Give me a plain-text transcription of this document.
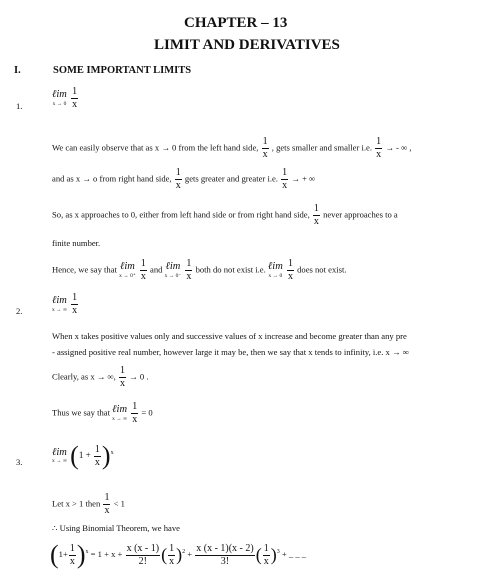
CHAPTER – 13
LIMIT AND DERIVATIVES
I.	SOME IMPORTANT LIMITS
1.
ℓim
x → 0
$\frac{1}{x}$
We can easily observe that as x → 0 from the left hand side, $\frac{1}{x}$ , gets smaller and smaller i.e. $\frac{1}{x}$ → - ∞ ,
and as x → o from right hand side, $\frac{1}{x}$ gets greater and greater i.e. $\frac{1}{x}$ → + ∞
So, as x approaches to 0, either from left hand side or from right hand side, $\frac{1}{x}$ never approaches to a
finite number.
Hence, we say that ℓim
x → 0⁺
$\frac{1}{x}$ and ℓim
x → 0⁻
$\frac{1}{x}$ both do not exist i.e. ℓim
x → 0
$\frac{1}{x}$ does not exist.
2.
ℓim
x → ∞
$\frac{1}{x}$
When x takes positive values only and successive values of x increase and become greater than any pre
- assigned positive real number, however large it may be, then we say that x tends to infinity, i.e. x → ∞
Clearly, as x → ∞, $\frac{1}{x} \to 0$ .
Thus we say that ℓim
x → ∞
$\frac{1}{x} = 0$
3.
ℓim
x → ∞ $(1 + \frac{1}{x} )^x$
Let x > 1 then $\frac{1}{x} < 1$
∴ Using Binomial Theorem, we have
$(1+ \frac{1}{x} )^x = 1 + x + \frac{x (x - 1)}{2!}$ ( $\frac{1}{x} )^2 + \frac{x (x - 1)(x - 2)}{3!}$ ( $\frac{1}{x} )^3$ + _ _ _
